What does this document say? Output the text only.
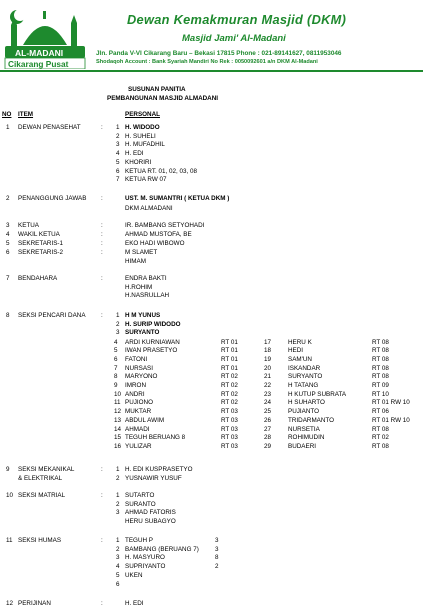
AL-MADANI
Cikarang Pusat
Dewan Kemakmuran Masjid (DKM)
Masjid Jami' Al-Madani
Jln. Panda V-VI Cikarang Baru – Bekasi 17815 Phone : 021-89141627, 0811953046
Shodaqoh Account : Bank Syariah Mandiri No Rek : 0050092601 a/n DKM Al-Madani
SUSUNAN PANITIA
PEMBANGUNAN MASJID ALMADANI
NO ITEM	PERSONAL
1 DEWAN PENASEHAT	: 1 H. WIDODO
2 H. SUHELI
3 H. MUFADHIL
4 H. EDI
5 KHORIRI
6 KETUA RT. 01, 02, 03, 08
7 KETUA RW 07
2 PENANGGUNG JAWAB :	UST. M. SUMANTRI ( KETUA DKM )
DKM ALMADANI
3 KETUA	:	IR. BAMBANG SETYOHADI
4 WAKIL KETUA	:	AHMAD MUSTOFA, BE
5 SEKRETARIS-1	:	EKO HADI WIBOWO
6 SEKRETARIS-2	:	M SLAMET
HIMAM
7 BENDAHARA	:	ENDRA BAKTI
H.ROHIM
H.NASRULLAH
8 SEKSI PENCARI DANA : 1 H M YUNUS
2 H. SURIP WIDODO
3 SURYANTO
9 SEKSI MEKANIKAL
& ELEKTRIKAL
: 1 H. EDI KUSPRASETYO
2 YUSNAWIR YUSUF
10 SEKSI MATRIAL	: 1 SUTARTO
2 SURANTO
3 AHMAD FATORIS
HERU SUBAGYO
11 SEKSI HUMAS	: 1 TEGUH P	3
2 BAMBANG (BERUANG 7)	3
3 H. MASYURO	8
4 SUPRIYANTO	2
5 UKEN
6
12 PERIJINAN	:	H. EDI
4 ARDI KURNIAWAN	RT 01
5 IWAN PRASETYO	RT 01
6 FATONI	RT 01
7 NURSASI	RT 01
8 MARYONO	RT 02
9 IMRON	RT 02
10 ANDRI	RT 02
11 PUJIONO	RT 02
12 MUKTAR	RT 03
13 ABDUL AWIM	RT 03
14 AHMADI	RT 03
15 TEGUH BERUANG 8	RT 03
16 YULIZAR	RT 03
17	HERU K	RT 08
18	HEDI	RT 08
19	SAM'UN	RT 08
20	ISKANDAR	RT 08
21	SURYANTO	RT 08
22	H TATANG	RT 09
23	H KUTUP SUBRATA	RT 10
24	H SUHARTO	RT 01 RW 10
25	PUJIANTO	RT 06
26	TRIDARMANTO	RT 01 RW 10
27	NURSETIA	RT 08
28	ROHIMUDIN	RT 02
29	BUDAERI	RT 08
